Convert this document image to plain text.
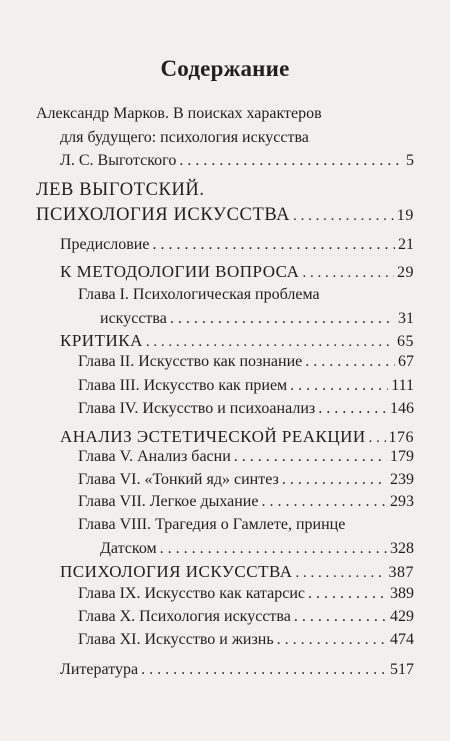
Содержание
Александр Марков. В поисках характеров
для будущего: психология искусства
Л. С. Выготского . . .	5
ЛЕВ ВЫГОТСКИЙ.
ПСИХОЛОГИЯ ИСКУССТВА . . .	19
Предисловие . . .	21
К МЕТОДОЛОГИИ ВОПРОСА . . .	29
Глава I. Психологическая проблема
искусства . . .	31
КРИТИКА . . .	65
Глава II. Искусство как познание . . .	67
Глава III. Искусство как прием . . .	111
Глава IV. Искусство и психоанализ . . .	146
АНАЛИЗ ЭСТЕТИЧЕСКОЙ РЕАКЦИИ . . . 176
Глава V. Анализ басни . . .	179
Глава VI. «Тонкий яд» синтез . . .	239
Глава VII. Легкое дыхание . . .	293
Глава VIII. Трагедия о Гамлете, принце
Датском . . .	328
ПСИХОЛОГИЯ ИСКУССТВА . . .	387
Глава IX. Искусство как катарсис . . .	389
Глава X. Психология искусства . . .	429
Глава XI. Искусство и жизнь . . .	474
Литература . . .	517
